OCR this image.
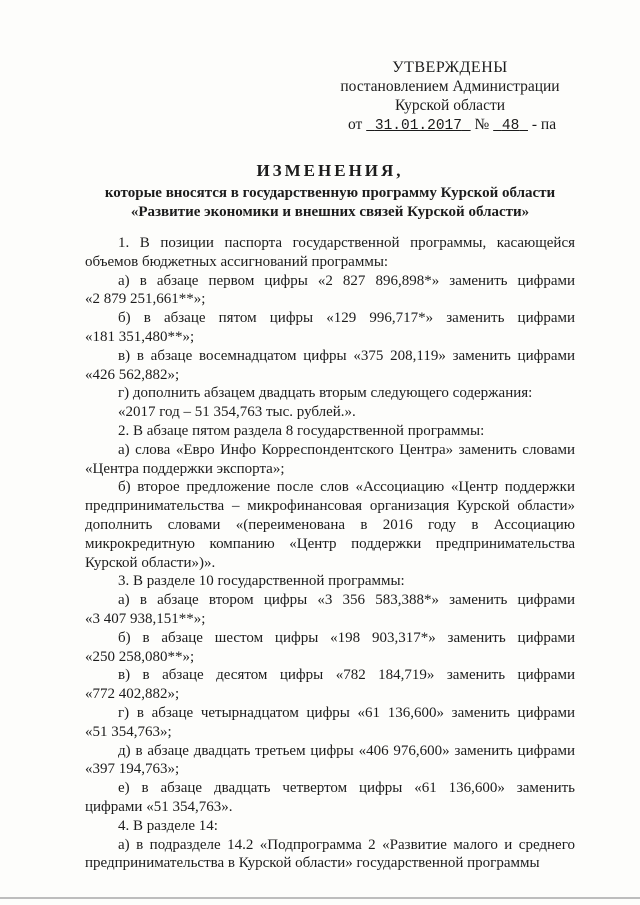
УТВЕРЖДЕНЫ
постановлением Администрации
Курской области
от 31.01.2017 № 48 - па
ИЗМЕНЕНИЯ,
которые вносятся в государственную программу Курской области
«Развитие экономики и внешних связей Курской области»

1. В позиции паспорта государственной программы, касающейся
объемов бюджетных ассигнований программы:

а) в абзаце первом цифры «2 827 896,898*» заменить цифрами
«2 879 251,661**»;

б) в абзаце пятом цифры «129 996,717*» заменить цифрами
«181 351,480**»;

в) в абзаце восемнадцатом цифры «375 208,119» заменить цифрами
«426 562,882»;

г) дополнить абзацем двадцать вторым следующего содержания:

«2017 год – 51 354,763 тыс. рублей.».

2. В абзаце пятом раздела 8 государственной программы:

а) слова «Евро Инфо Корреспондентского Центра» заменить словами
«Центра поддержки экспорта»;

б) второе предложение после слов «Ассоциацию «Центр поддержки
предпринимательства – микрофинансовая организация Курской области»
дополнить словами «(переименована в 2016 году в Ассоциацию
микрокредитную компанию «Центр поддержки предпринимательства
Курской области»)».

3. В разделе 10 государственной программы:

а) в абзаце втором цифры «3 356 583,388*» заменить цифрами
«3 407 938,151**»;

б) в абзаце шестом цифры «198 903,317*» заменить цифрами
«250 258,080**»;

в) в абзаце десятом цифры «782 184,719» заменить цифрами
«772 402,882»;

г) в абзаце четырнадцатом цифры «61 136,600» заменить цифрами
«51 354,763»;

д) в абзаце двадцать третьем цифры «406 976,600» заменить цифрами
«397 194,763»;

е) в абзаце двадцать четвертом цифры «61 136,600» заменить
цифрами «51 354,763».

4. В разделе 14:

а) в подразделе 14.2 «Подпрограмма 2 «Развитие малого и среднего
предпринимательства в Курской области» государственной программы
